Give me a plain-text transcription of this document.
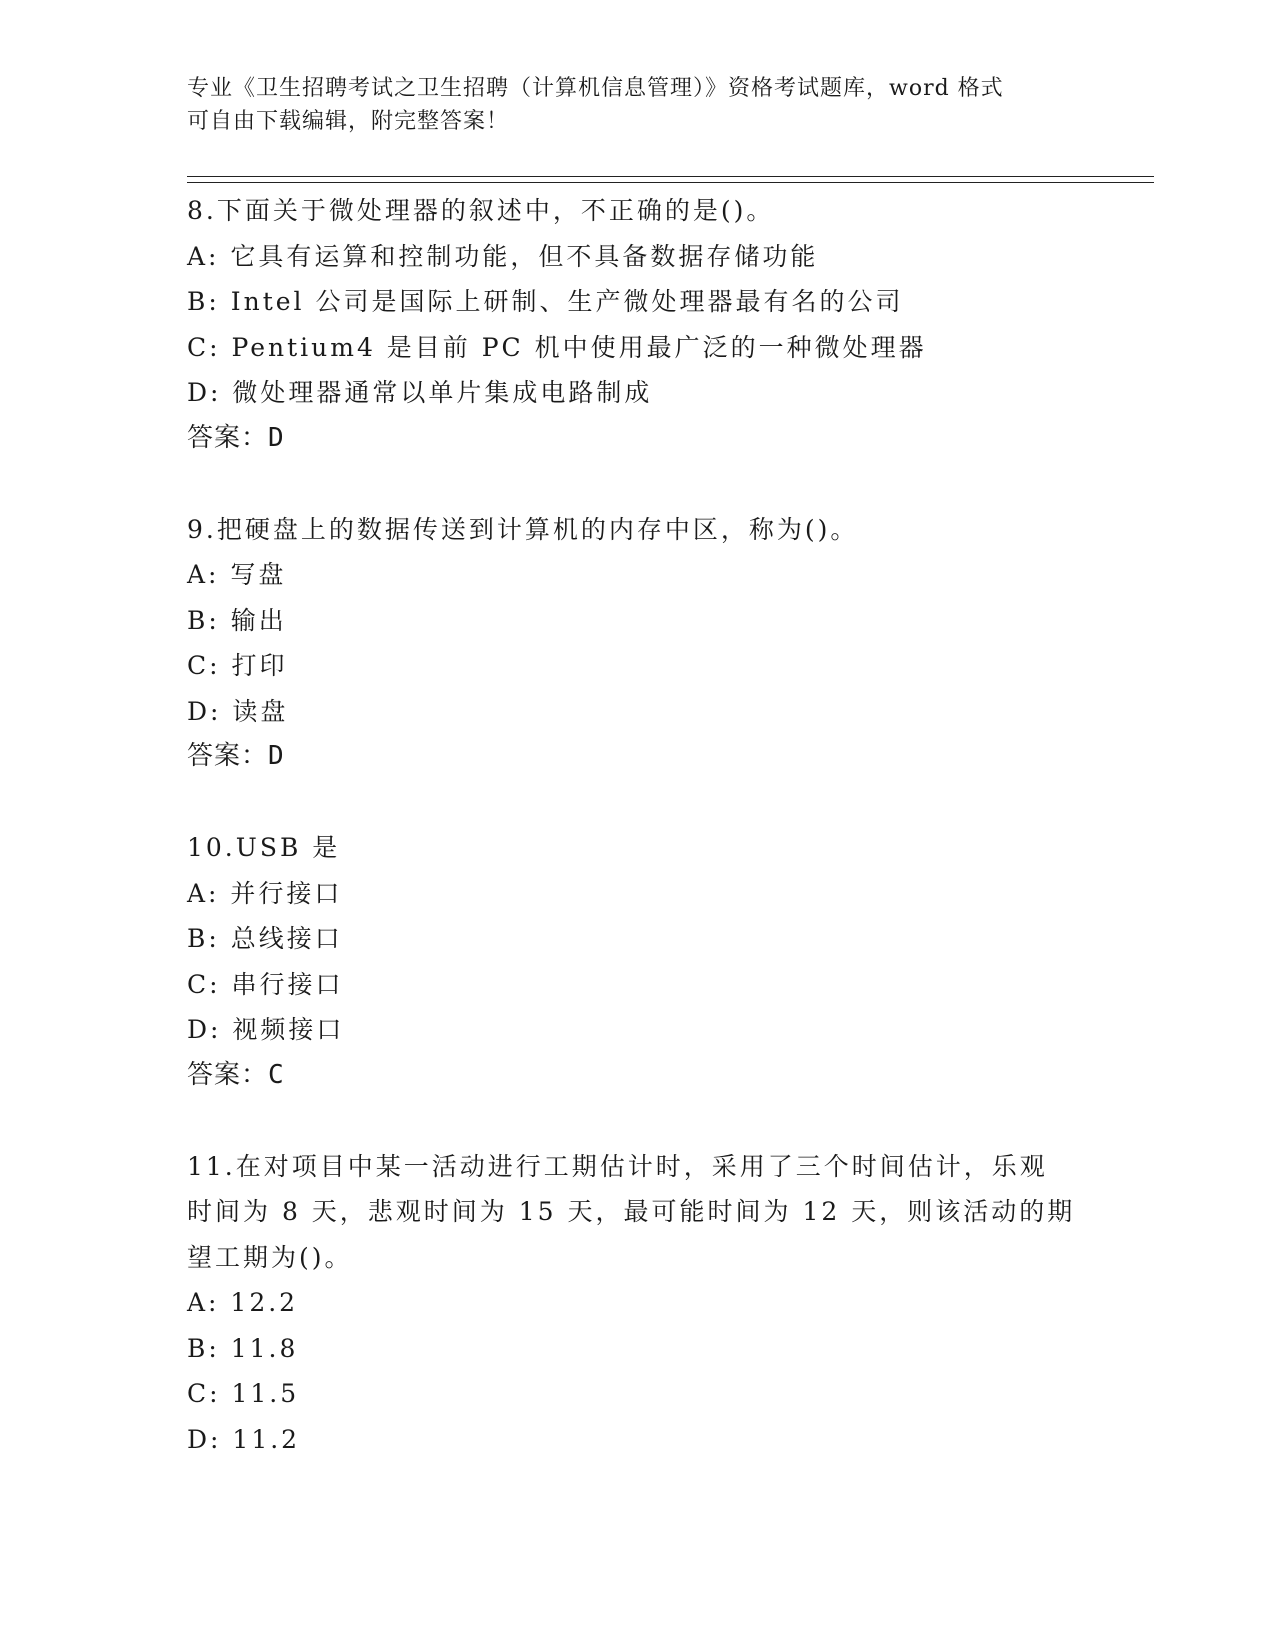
专业《卫生招聘考试之卫生招聘（计算机信息管理）》资格考试题库，word 格式
可自由下载编辑，附完整答案！
8.下面关于微处理器的叙述中，不正确的是()。
A: 它具有运算和控制功能，但不具备数据存储功能
B: Intel 公司是国际上研制、生产微处理器最有名的公司
C: Pentium4 是目前 PC 机中使用最广泛的一种微处理器
D: 微处理器通常以单片集成电路制成
答案：D
9.把硬盘上的数据传送到计算机的内存中区，称为()。
A: 写盘
B: 输出
C: 打印
D: 读盘
答案：D
10.USB 是
A: 并行接口
B: 总线接口
C: 串行接口
D: 视频接口
答案：C
11.在对项目中某一活动进行工期估计时，采用了三个时间估计，乐观
时间为 8 天，悲观时间为 15 天，最可能时间为 12 天，则该活动的期
望工期为()。
A: 12.2
B: 11.8
C: 11.5
D: 11.2
